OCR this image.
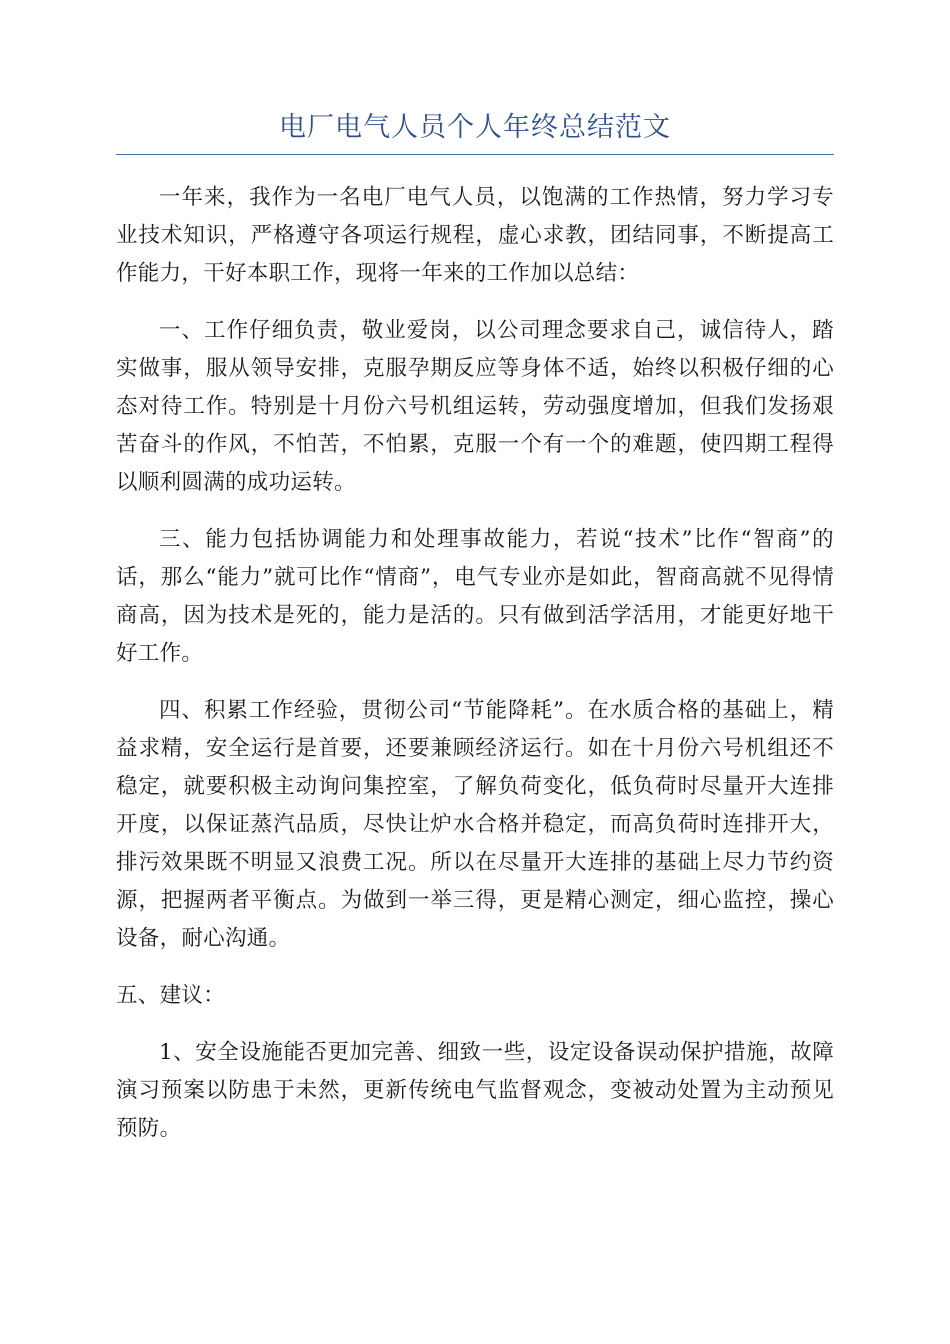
电厂电气人员个人年终总结范文

一年来，我作为一名电厂电气人员，以饱满的工作热情，努力学习专业技术知识，严格遵守各项运行规程，虚心求教，团结同事，不断提高工作能力，干好本职工作，现将一年来的工作加以总结：

一、工作仔细负责，敬业爱岗，以公司理念要求自己，诚信待人，踏实做事，服从领导安排，克服孕期反应等身体不适，始终以积极仔细的心态对待工作。特别是十月份六号机组运转，劳动强度增加，但我们发扬艰苦奋斗的作风，不怕苦，不怕累，克服一个有一个的难题，使四期工程得以顺利圆满的成功运转。

三、能力包括协调能力和处理事故能力，若说“技术”比作“智商”的话，那么“能力”就可比作“情商”，电气专业亦是如此，智商高就不见得情商高，因为技术是死的，能力是活的。只有做到活学活用，才能更好地干好工作。

四、积累工作经验，贯彻公司“节能降耗”。在水质合格的基础上，精益求精，安全运行是首要，还要兼顾经济运行。如在十月份六号机组还不稳定，就要积极主动询问集控室，了解负荷变化，低负荷时尽量开大连排开度，以保证蒸汽品质，尽快让炉水合格并稳定，而高负荷时连排开大，排污效果既不明显又浪费工况。所以在尽量开大连排的基础上尽力节约资源，把握两者平衡点。为做到一举三得，更是精心测定，细心监控，操心设备，耐心沟通。

五、建议：

1、安全设施能否更加完善、细致一些，设定设备误动保护措施，故障演习预案以防患于未然，更新传统电气监督观念，变被动处置为主动预见预防。
